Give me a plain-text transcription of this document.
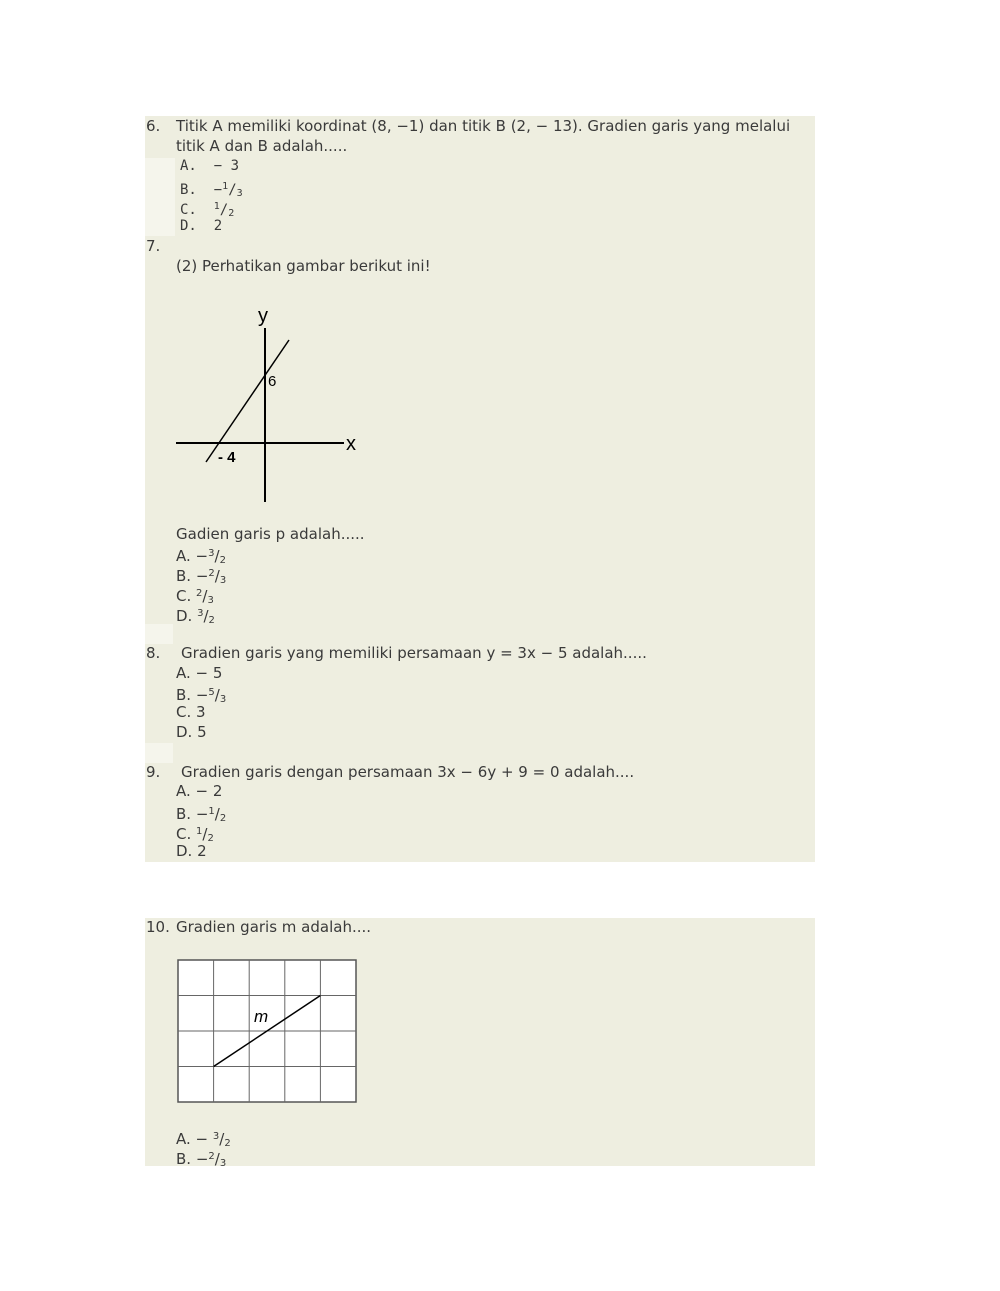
6. Titik A memiliki koordinat (8, −1) dan titik B (2, − 13). Gradien garis yang melalui
titik A dan B adalah.....
A. − 3
B. $-^1/_3$
C. $^1/_2$
D. 2
7.
(2) Perhatikan gambar berikut ini!
y
x
6
- 4
Gadien garis p adalah.....
A. $-^3/_2$
B. $-^2/_3$
C. $^2/_3$
D. $^3/_2$
8. Gradien garis yang memiliki persamaan y = 3x − 5 adalah.....
A. − 5
B. $-^5/_3$
C. 3
D. 5
9. Gradien garis dengan persamaan 3x − 6y + 9 = 0 adalah....
A. − 2
B. $-^1/_2$
C. $^1/_2$
D. 2
10. Gradien garis m adalah....
m
A. − $^3/_2$
B. $-^2/_3$
